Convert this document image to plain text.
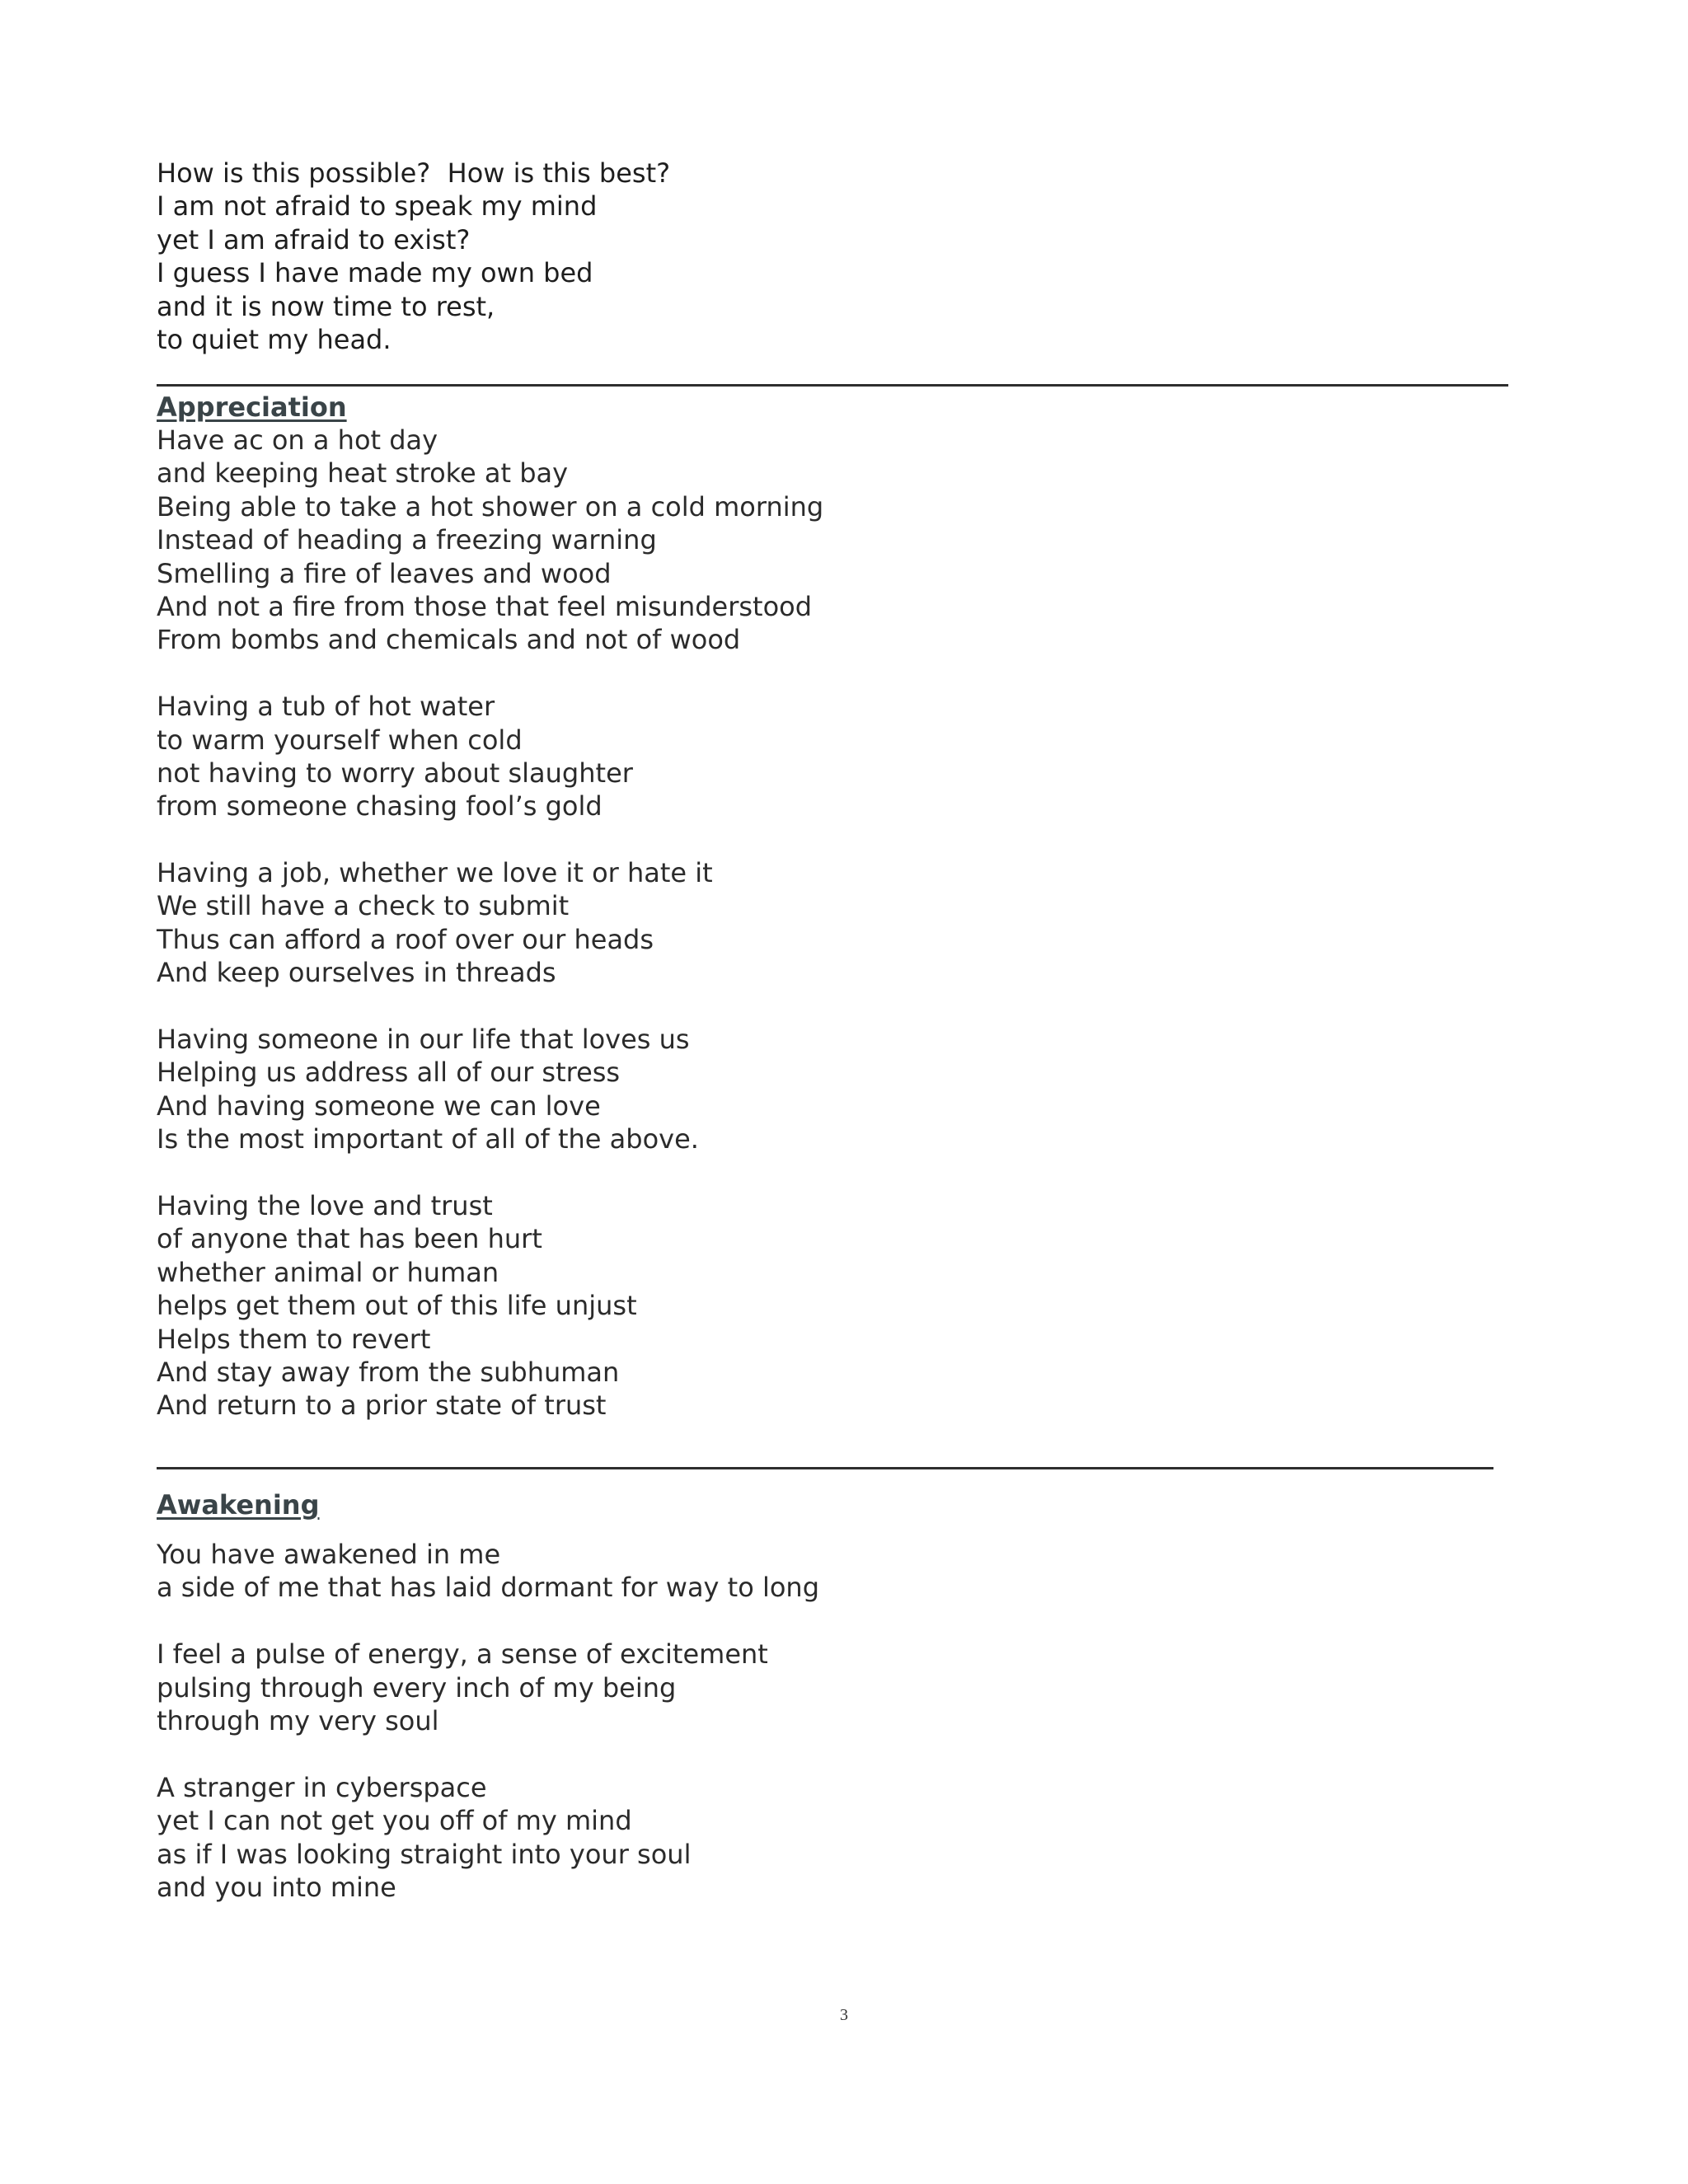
How is this possible?  How is this best?
I am not afraid to speak my mind
yet I am afraid to exist?
I guess I have made my own bed
and it is now time to rest,
to quiet my head.
Appreciation
Have ac on a hot day
and keeping heat stroke at bay
Being able to take a hot shower on a cold morning
Instead of heading a freezing warning
Smelling a fire of leaves and wood
And not a fire from those that feel misunderstood
From bombs and chemicals and not of wood
Having a tub of hot water
to warm yourself when cold
not having to worry about slaughter
from someone chasing fool’s gold
Having a job, whether we love it or hate it
We still have a check to submit
Thus can afford a roof over our heads
And keep ourselves in threads
Having someone in our life that loves us
Helping us address all of our stress
And having someone we can love
Is the most important of all of the above.
Having the love and trust
of anyone that has been hurt
whether animal or human
helps get them out of this life unjust
Helps them to revert
And stay away from the subhuman
And return to a prior state of trust
Awakening
You have awakened in me
a side of me that has laid dormant for way to long
I feel a pulse of energy, a sense of excitement
pulsing through every inch of my being
through my very soul
A stranger in cyberspace
yet I can not get you off of my mind
as if I was looking straight into your soul
and you into mine
3
